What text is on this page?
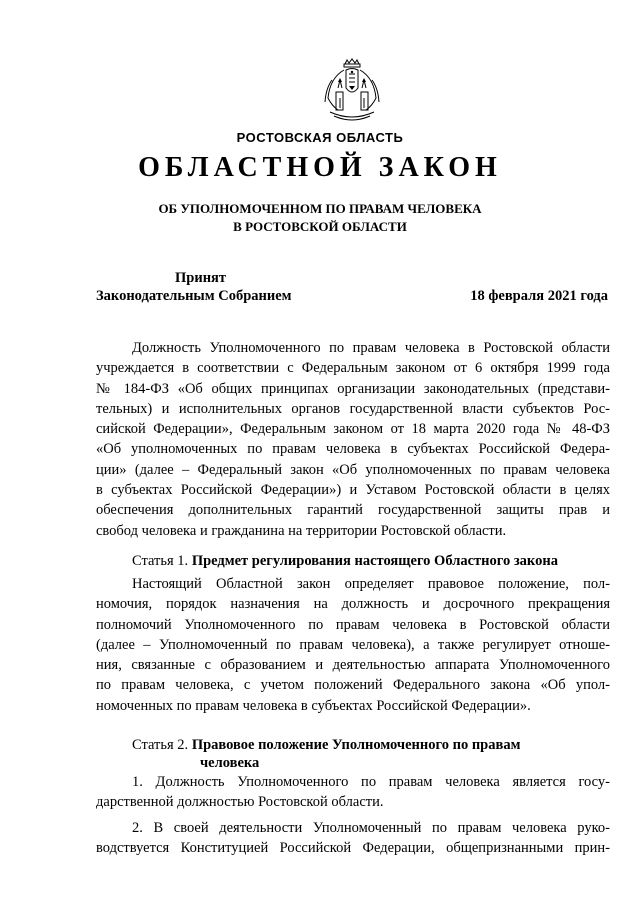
РОСТОВСКАЯ ОБЛАСТЬ
ОБЛАСТНОЙ ЗАКОН
ОБ УПОЛНОМОЧЕННОМ ПО ПРАВАМ ЧЕЛОВЕКА
В РОСТОВСКОЙ ОБЛАСТИ
Принят
Законодательным Собранием	18 февраля 2021 года
Должность Уполномоченного по правам человека в Ростовской области
учреждается в соответствии с Федеральным законом от 6 октября 1999 года
№ 184-ФЗ «Об общих принципах организации законодательных (представи-
тельных) и исполнительных органов государственной власти субъектов Рос-
сийской Федерации», Федеральным законом от 18 марта 2020 года № 48-ФЗ
«Об уполномоченных по правам человека в субъектах Российской Федера-
ции» (далее – Федеральный закон «Об уполномоченных по правам человека
в субъектах Российской Федерации») и Уставом Ростовской области в целях
обеспечения дополнительных гарантий государственной защиты прав и
свобод человека и гражданина на территории Ростовской области.
Статья 1. Предмет регулирования настоящего Областного закона
Настоящий Областной закон определяет правовое положение, пол-
номочия, порядок назначения на должность и досрочного прекращения
полномочий Уполномоченного по правам человека в Ростовской области
(далее – Уполномоченный по правам человека), а также регулирует отноше-
ния, связанные с образованием и деятельностью аппарата Уполномоченного
по правам человека, с учетом положений Федерального закона «Об упол-
номоченных по правам человека в субъектах Российской Федерации».
Статья 2. Правовое положение Уполномоченного по правам
человека
1. Должность Уполномоченного по правам человека является госу-
дарственной должностью Ростовской области.
2. В своей деятельности Уполномоченный по правам человека руко-
водствуется Конституцией Российской Федерации, общепризнанными прин-
